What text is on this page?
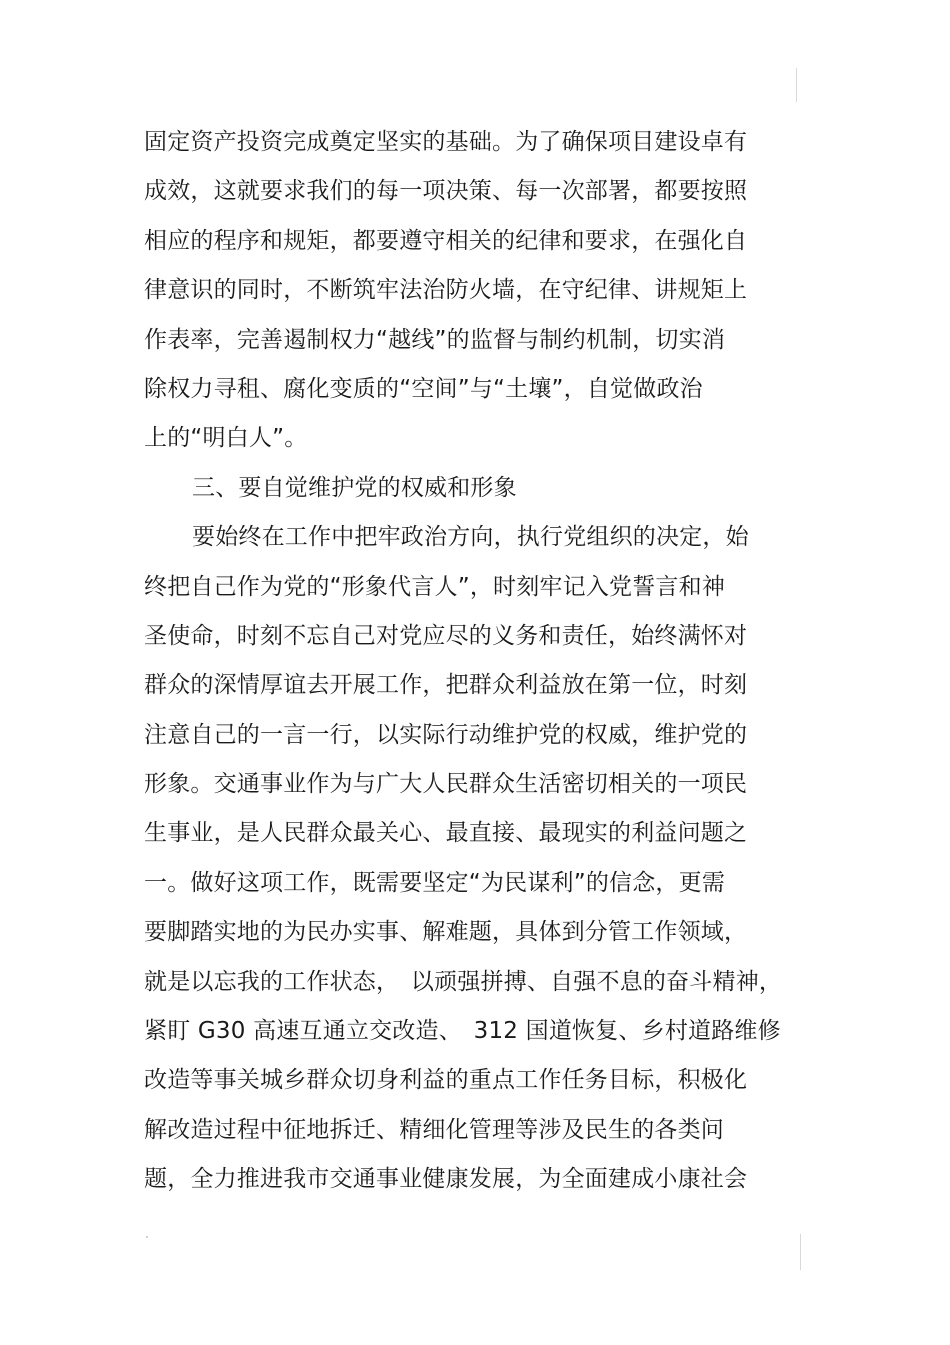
固定资产投资完成奠定坚实的基础。为了确保项目建设卓有
成效，这就要求我们的每一项决策、每一次部署，都要按照
相应的程序和规矩，都要遵守相关的纪律和要求，在强化自
律意识的同时，不断筑牢法治防火墙，在守纪律、讲规矩上
作表率，完善遏制权力“越线”的监督与制约机制，切实消
除权力寻租、腐化变质的“空间”与“土壤”，自觉做政治
上的“明白人”。
三、要自觉维护党的权威和形象
要始终在工作中把牢政治方向，执行党组织的决定，始
终把自己作为党的“形象代言人”，时刻牢记入党誓言和神
圣使命，时刻不忘自己对党应尽的义务和责任，始终满怀对
群众的深情厚谊去开展工作，把群众利益放在第一位，时刻
注意自己的一言一行，以实际行动维护党的权威，维护党的
形象。交通事业作为与广大人民群众生活密切相关的一项民
生事业，是人民群众最关心、最直接、最现实的利益问题之
一。做好这项工作，既需要坚定“为民谋利”的信念，更需
要脚踏实地的为民办实事、解难题，具体到分管工作领域，
就是以忘我的工作状态，　以顽强拼搏、自强不息的奋斗精神，
紧盯 G30 高速互通立交改造、　312 国道恢复、乡村道路维修
改造等事关城乡群众切身利益的重点工作任务目标，积极化
解改造过程中征地拆迁、精细化管理等涉及民生的各类问
题，全力推进我市交通事业健康发展，为全面建成小康社会
